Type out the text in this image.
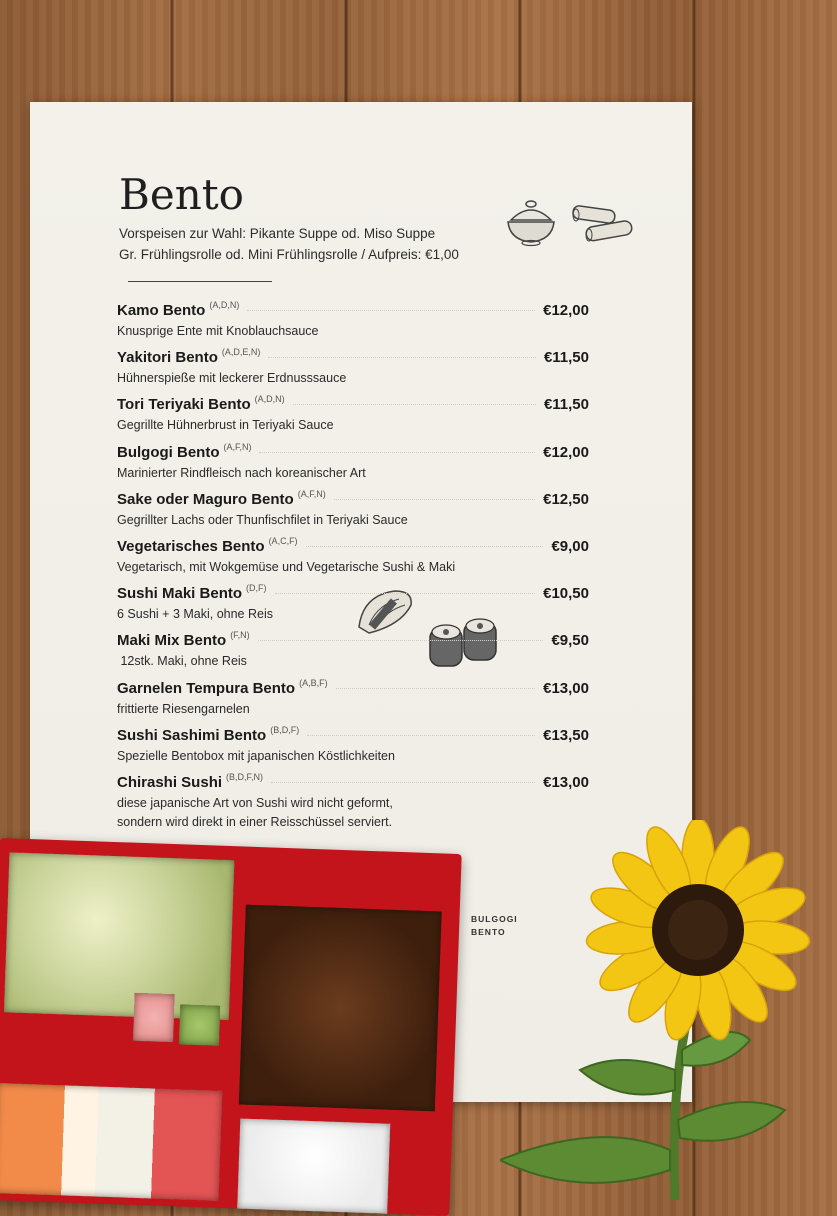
Bento
Vorspeisen zur Wahl: Pikante Suppe od. Miso Suppe
Gr. Frühlingsrolle od. Mini Frühlingsrolle / Aufpreis: €1,00
Kamo Bento (A,D,N)	€12,00
Knusprige Ente mit Knoblauchsauce
Yakitori Bento (A,D,E,N)	€11,50
Hühnerspieße mit leckerer Erdnusssauce
Tori Teriyaki Bento (A,D,N)	€11,50
Gegrillte Hühnerbrust in Teriyaki Sauce
Bulgogi Bento (A,F,N)	€12,00
Marinierter Rindfleisch nach koreanischer Art
Sake oder Maguro Bento (A,F,N)	€12,50
Gegrillter Lachs oder Thunfischfilet in Teriyaki Sauce
Vegetarisches Bento (A,C,F)	€9,00
Vegetarisch, mit Wokgemüse und Vegetarische Sushi & Maki
Sushi Maki Bento (D,F)	€10,50
6 Sushi + 3 Maki, ohne Reis
Maki Mix Bento (F,N)	€9,50
12stk. Maki, ohne Reis
Garnelen Tempura Bento (A,B,F)	€13,00
frittierte Riesengarnelen
Sushi Sashimi Bento (B,D,F)	€13,50
Spezielle Bentobox mit japanischen Köstlichkeiten
Chirashi Sushi (B,D,F,N)	€13,00
diese japanische Art von Sushi wird nicht geformt,
sondern wird direkt in einer Reisschüssel serviert.
BULGOGI
BENTO
